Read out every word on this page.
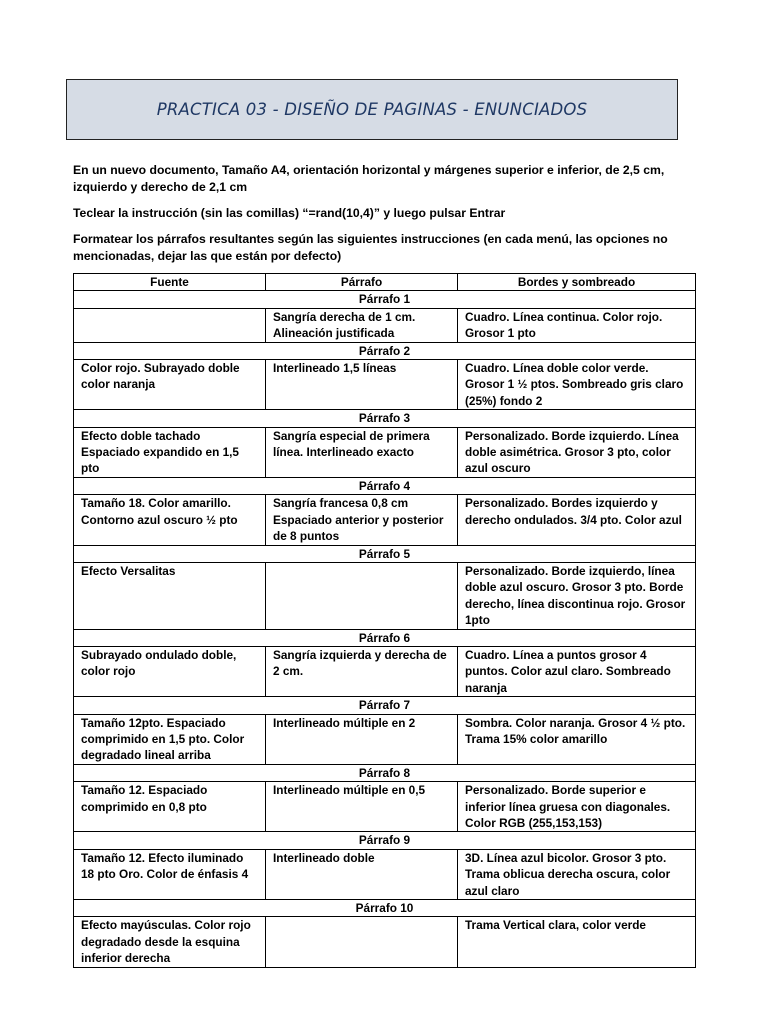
PRACTICA 03 - DISEÑO DE PAGINAS - ENUNCIADOS
En un nuevo documento, Tamaño A4, orientación horizontal y márgenes superior e inferior, de 2,5 cm, izquierdo y derecho de 2,1 cm
Teclear la instrucción (sin las comillas) “=rand(10,4)” y luego pulsar Entrar
Formatear los párrafos resultantes según las siguientes instrucciones (en cada menú, las opciones no mencionadas, dejar las que están por defecto)
Fuente	Párrafo	Bordes y sombreado
Párrafo 1		
	Sangría derecha de 1 cm. Alineación justificada	Cuadro. Línea continua. Color rojo. Grosor 1 pto
Párrafo 2		
Color rojo. Subrayado doble color naranja	Interlineado 1,5 líneas	Cuadro. Línea doble color verde. Grosor 1 ½ ptos. Sombreado gris claro (25%) fondo 2
Párrafo 3		
Efecto doble tachado Espaciado expandido en 1,5 pto	Sangría especial de primera línea. Interlineado exacto	Personalizado. Borde izquierdo. Línea doble asimétrica. Grosor 3 pto, color azul oscuro
Párrafo 4		
Tamaño 18. Color amarillo. Contorno azul oscuro ½ pto	Sangría francesa 0,8 cm Espaciado anterior y posterior de 8 puntos	Personalizado. Bordes izquierdo y derecho ondulados. 3/4 pto. Color azul
Párrafo 5		
Efecto Versalitas		Personalizado. Borde izquierdo, línea doble azul oscuro. Grosor 3 pto. Borde derecho, línea discontinua rojo. Grosor 1pto
Párrafo 6		
Subrayado ondulado doble, color rojo	Sangría izquierda y derecha de 2 cm.	Cuadro. Línea a puntos grosor 4 puntos. Color azul claro. Sombreado naranja
Párrafo 7		
Tamaño 12pto. Espaciado comprimido en 1,5 pto. Color degradado lineal arriba	Interlineado múltiple en 2	Sombra. Color naranja. Grosor 4 ½ pto. Trama 15% color amarillo
Párrafo 8		
Tamaño 12. Espaciado comprimido en 0,8 pto	Interlineado múltiple en 0,5	Personalizado. Borde superior e inferior línea gruesa con diagonales. Color RGB (255,153,153)
Párrafo 9		
Tamaño 12. Efecto iluminado 18 pto Oro. Color de énfasis 4	Interlineado doble	3D. Línea azul bicolor. Grosor 3 pto. Trama oblicua derecha oscura, color
azul claro
Párrafo 10		
Efecto mayúsculas. Color rojo degradado desde la esquina inferior derecha		Trama Vertical clara, color verde
